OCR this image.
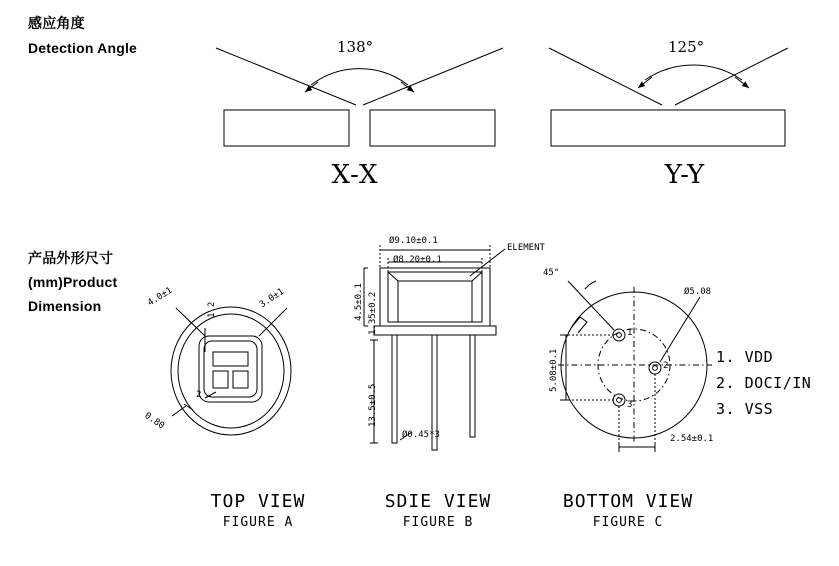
感应角度
Detection Angle
产品外形尺寸
(mm)Product
Dimension
138°	125°
X-X	Y-Y
TOP VIEW
FIGURE A
SDIE VIEW
FIGURE B
BOTTOM VIEW
FIGURE C
1. VDD
2. DOCI/IN
3. VSS
4.0±1	3.0±1
1.2
2
0.80
Ø9.10±0.1
Ø8.20±0.1
ELEMENT
4.5±0.1 1.35±0.2
13.5±0.5
Ø0.45*3
45°
Ø5.08
5.08±0.1
2.54±0.1
1
2
3
